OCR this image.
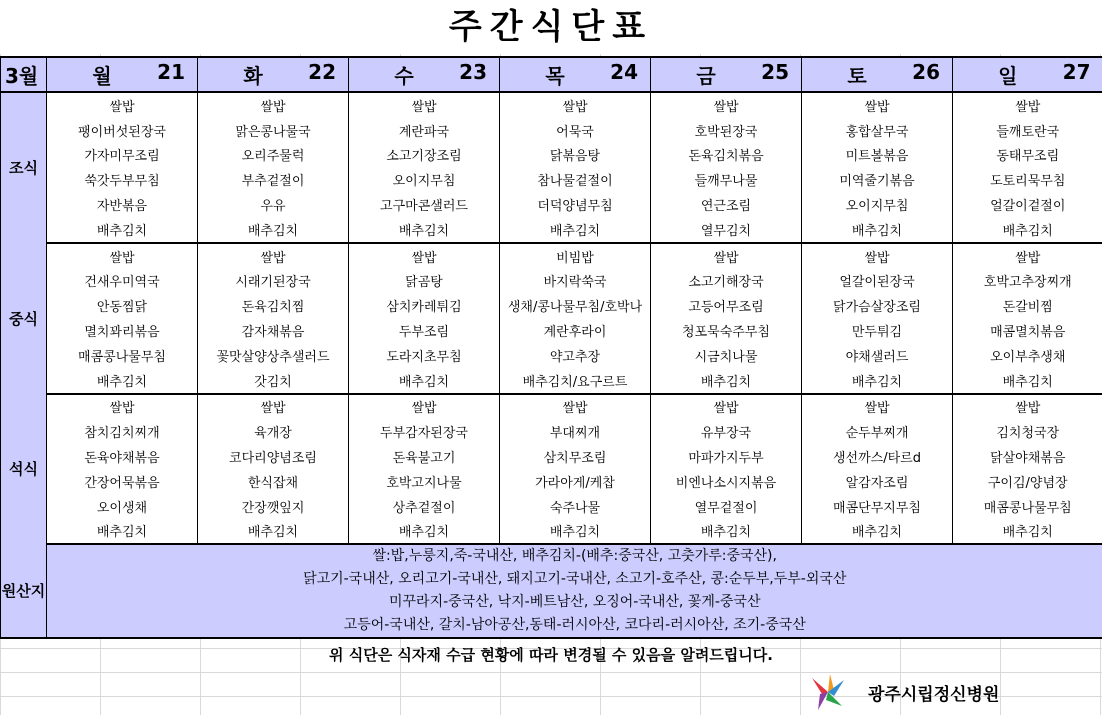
주간식단표
3월	월 21	화 22	수 23	목 24	금 25	토 26	일 27

조식	쌀밥	쌀밥	쌀밥	쌀밥	쌀밥	쌀밥	쌀밥
	팽이버섯된장국	맑은콩나물국	계란파국	어묵국	호박된장국	홍합살무국	들깨토란국
	가자미무조림	오리주물럭	소고기장조림	닭볶음탕	돈육김치볶음	미트볼볶음	동태무조림
	쑥갓두부무침	부추겉절이	오이지무침	참나물겉절이	들깨무나물	미역줄기볶음	도토리묵무침
	자반볶음	우유	고구마콘샐러드	더덕양념무침	연근조림	오이지무침	얼갈이겉절이
	배추김치	배추김치	배추김치	배추김치	열무김치	배추김치	배추김치
중식	쌀밥	쌀밥	쌀밥	비빔밥	쌀밥	쌀밥	쌀밥
	건새우미역국	시래기된장국	닭곰탕	바지락쑥국	소고기해장국	얼갈이된장국	호박고추장찌개
	안동찜닭	돈육김치찜	삼치카레튀김	생채/콩나물무침/호박나	고등어무조림	닭가슴살장조림	돈갈비찜
	멸치꽈리볶음	감자채볶음	두부조림	계란후라이	청포묵숙주무침	만두튀김	매콤멸치볶음
	매콤콩나물무침	꽃맛살양상추샐러드	도라지초무침	약고추장	시금치나물	야채샐러드	오이부추생채
	배추김치	갓김치	배추김치	배추김치/요구르트	배추김치	배추김치	배추김치
석식	쌀밥	쌀밥	쌀밥	쌀밥	쌀밥	쌀밥	쌀밥
	참치김치찌개	육개장	두부감자된장국	부대찌개	유부장국	순두부찌개	김치청국장
	돈육야채볶음	코다리양념조림	돈육불고기	삼치무조림	마파가지두부	생선까스/타르d	닭살야채볶음
	간장어묵볶음	한식잡채	호박고지나물	가라아게/케찹	비엔나소시지볶음	알감자조림	구이김/양념장
	오이생채	간장깻잎지	상추겉절이	숙주나물	열무겉절이	매콤단무지무침	매콤콩나물무침
	배추김치	배추김치	배추김치	배추김치	배추김치	배추김치	배추김치
원산지	쌀:밥,누룽지,죽-국내산, 배추김치-(배추:중국산, 고춧가루:중국산),
닭고기-국내산, 오리고기-국내산, 돼지고기-국내산, 소고기-호주산, 콩:순두부,두부-외국산
미꾸라지-중국산, 낙지-베트남산, 오징어-국내산, 꽃게-중국산
고등어-국내산, 갈치-남아공산,동태-러시아산, 코다리-러시아산, 조기-중국산						
위 식단은 식자재 수급 현황에 따라 변경될 수 있음을 알려드립니다.
광주시립정신병원
